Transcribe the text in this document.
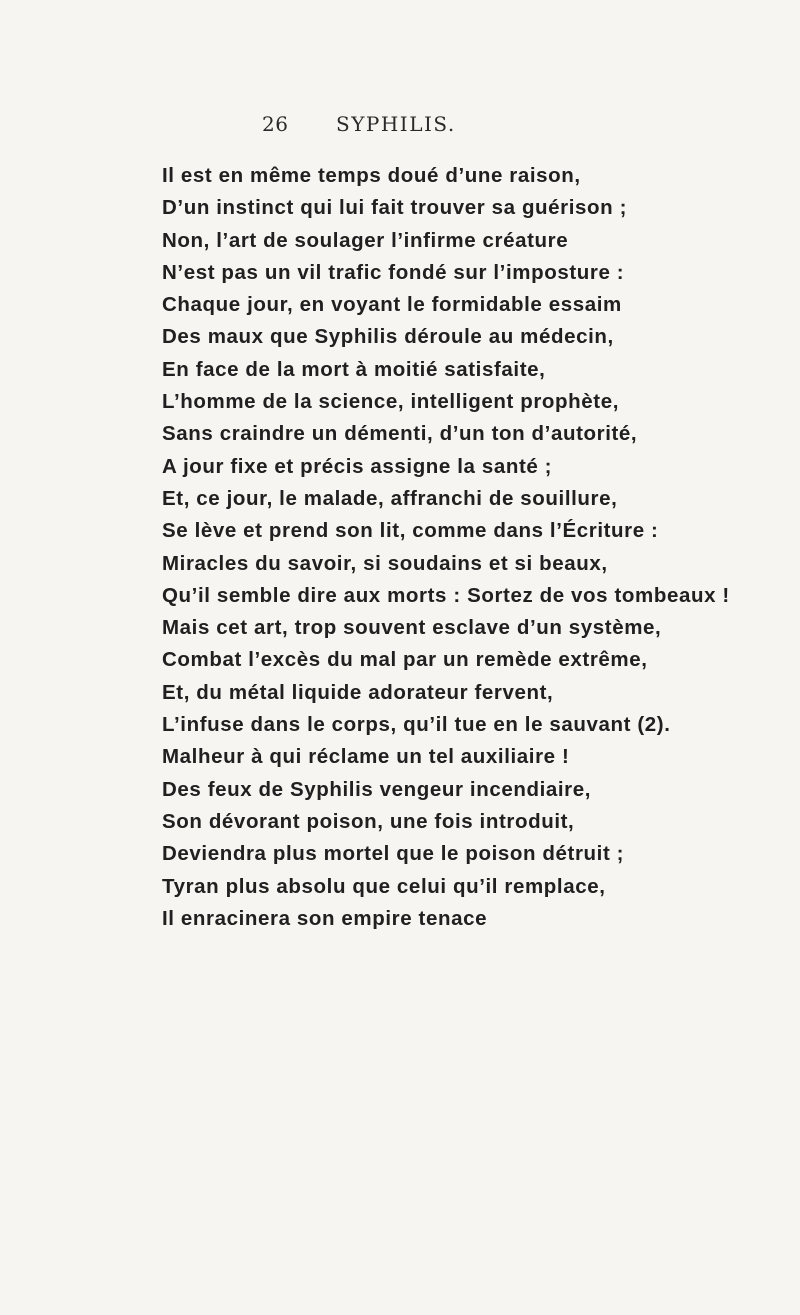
26 SYPHILIS.
Il est en même temps doué d’une raison,
D’un instinct qui lui fait trouver sa guérison ;
Non, l’art de soulager l’infirme créature
N’est pas un vil trafic fondé sur l’imposture :
Chaque jour, en voyant le formidable essaim
Des maux que Syphilis déroule au médecin,
En face de la mort à moitié satisfaite,
L’homme de la science, intelligent prophète,
Sans craindre un démenti, d’un ton d’autorité,
A jour fixe et précis assigne la santé ;
Et, ce jour, le malade, affranchi de souillure,
Se lève et prend son lit, comme dans l’Écriture :
Miracles du savoir, si soudains et si beaux,
Qu’il semble dire aux morts : Sortez de vos tombeaux !
Mais cet art, trop souvent esclave d’un système,
Combat l’excès du mal par un remède extrême,
Et, du métal liquide adorateur fervent,
L’infuse dans le corps, qu’il tue en le sauvant (2).
Malheur à qui réclame un tel auxiliaire !
Des feux de Syphilis vengeur incendiaire,
Son dévorant poison, une fois introduit,
Deviendra plus mortel que le poison détruit ;
Tyran plus absolu que celui qu’il remplace,
Il enracinera son empire tenace
